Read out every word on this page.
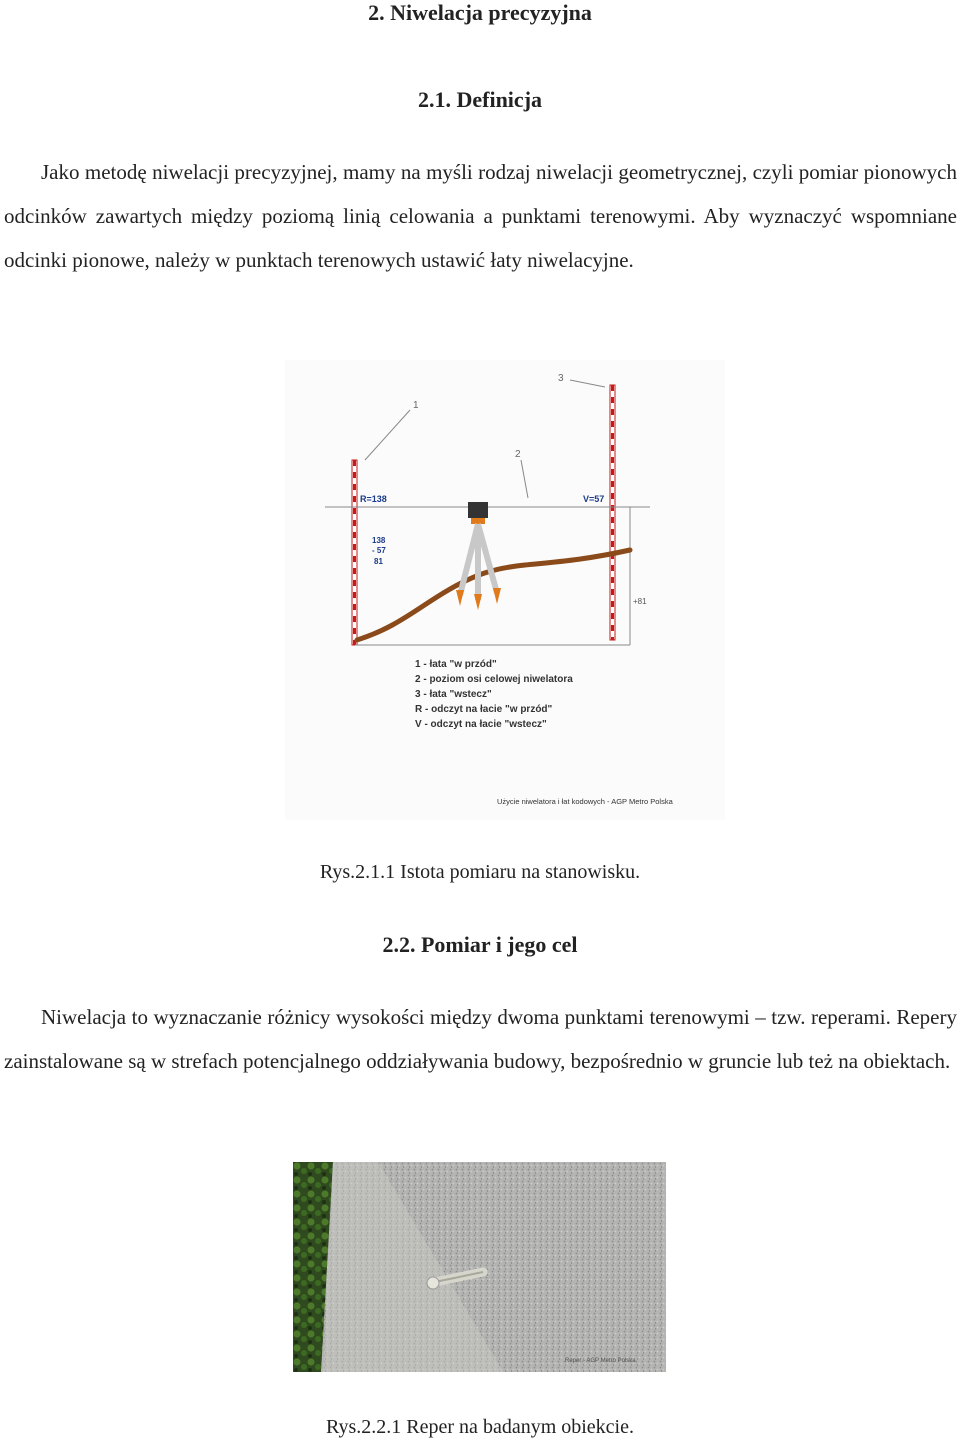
2. Niwelacja precyzyjna
2.1. Definicja

Jako metodę niwelacji precyzyjnej, mamy na myśli rodzaj niwelacji geometrycznej, czyli pomiar pionowych odcinków zawartych między poziomą linią celowania a punktami terenowymi. Aby wyznaczyć wspomniane odcinki pionowe, należy w punktach terenowych ustawić łaty niwelacyjne.

1
2
3
R=138	V=57
138
- 57
81
+81
1 - łata "w przód"
2 - poziom osi celowej niwelatora
3 - łata "wstecz"
R - odczyt na łacie "w przód"
V - odczyt na łacie "wstecz"
Użycie niwelatora i łat kodowych - AGP Metro Polska
Rys.2.1.1 Istota pomiaru na stanowisku.
2.2. Pomiar i jego cel

Niwelacja to wyznaczanie różnicy wysokości między dwoma punktami terenowymi – tzw. reperami. Repery zainstalowane są w strefach potencjalnego oddziaływania budowy, bezpośrednio w gruncie lub też na obiektach.

Reper - AGP Metro Polska
Rys.2.2.1 Reper na badanym obiekcie.
